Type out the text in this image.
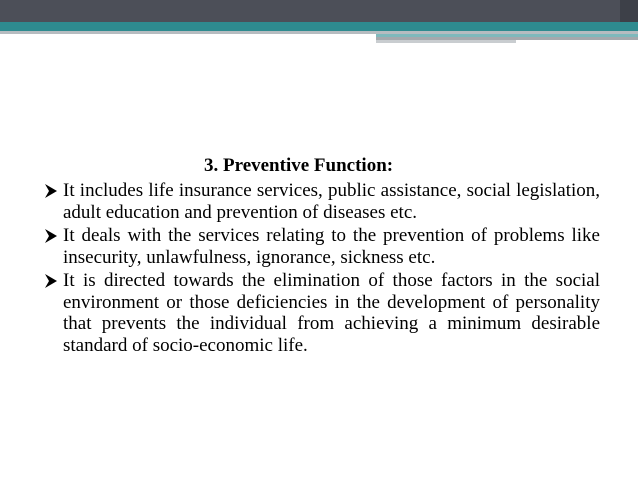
3. Preventive Function:
It includes life insurance services, public assistance, social legislation, adult education and prevention of diseases etc.
It deals with the services relating to the prevention of problems like insecurity, unlawfulness, ignorance, sickness etc.
It is directed towards the elimination of those factors in the social environment or those deficiencies in the development of personality that prevents the individual from achieving a minimum desirable standard of socio-economic life.
